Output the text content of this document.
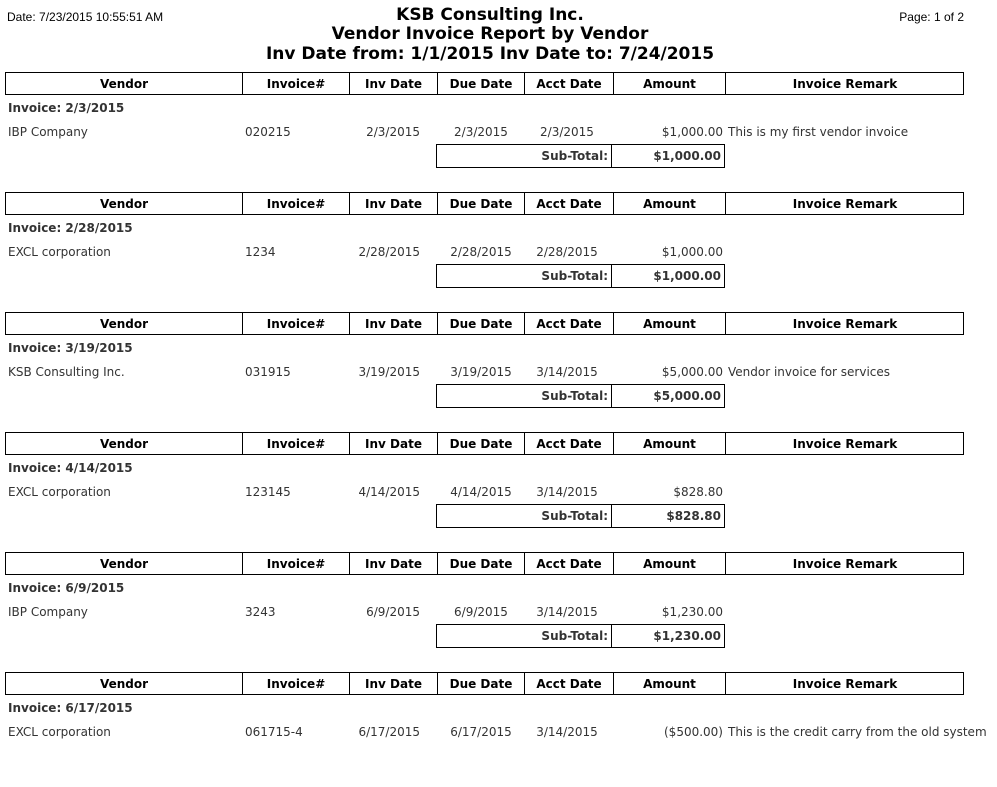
Date: 7/23/2015 10:55:51 AM	Page: 1 of 2
KSB Consulting Inc.
Vendor Invoice Report by Vendor
Inv Date from: 1/1/2015 Inv Date to: 7/24/2015
Vendor	Invoice#	Inv Date	Due Date	Acct Date	Amount	Invoice Remark
Invoice: 2/3/2015
IBP Company	020215	2/3/2015	2/3/2015	2/3/2015	$1,000.00 This is my first vendor invoice
Sub-Total:	$1,000.00
Vendor	Invoice#	Inv Date	Due Date	Acct Date	Amount	Invoice Remark
Invoice: 2/28/2015
EXCL corporation	1234	2/28/2015	2/28/2015	2/28/2015	$1,000.00
Sub-Total:	$1,000.00
Vendor	Invoice#	Inv Date	Due Date	Acct Date	Amount	Invoice Remark
Invoice: 3/19/2015
KSB Consulting Inc.	031915	3/19/2015	3/19/2015	3/14/2015	$5,000.00 Vendor invoice for services
Sub-Total:	$5,000.00
Vendor	Invoice#	Inv Date	Due Date	Acct Date	Amount	Invoice Remark
Invoice: 4/14/2015
EXCL corporation	123145	4/14/2015	4/14/2015	3/14/2015	$828.80
Sub-Total:	$828.80
Vendor	Invoice#	Inv Date	Due Date	Acct Date	Amount	Invoice Remark
Invoice: 6/9/2015
IBP Company	3243	6/9/2015	6/9/2015	3/14/2015	$1,230.00
Sub-Total:	$1,230.00
Vendor	Invoice#	Inv Date	Due Date	Acct Date	Amount	Invoice Remark
Invoice: 6/17/2015
EXCL corporation	061715-4	6/17/2015	6/17/2015	3/14/2015	($500.00) This is the credit carry from the old system
